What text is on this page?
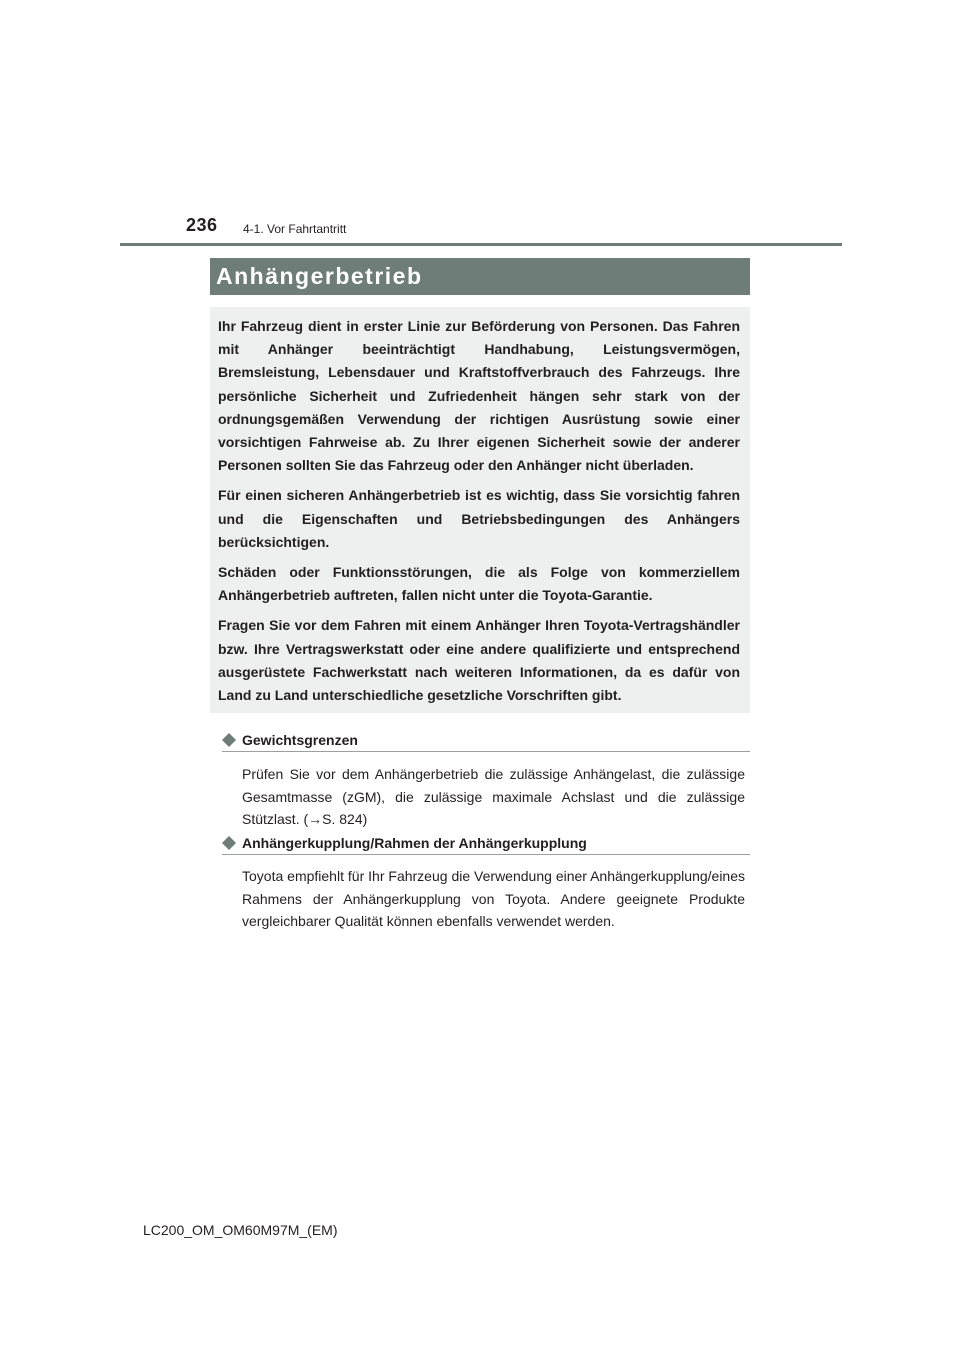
236 4-1. Vor Fahrtantritt
Anhängerbetrieb

Ihr Fahrzeug dient in erster Linie zur Beförderung von Personen. Das Fahren mit Anhänger beeinträchtigt Handhabung, Leistungsvermögen, Bremsleistung, Lebensdauer und Kraftstoffverbrauch des Fahrzeugs. Ihre persönliche Sicherheit und Zufriedenheit hängen sehr stark von der ordnungsgemäßen Verwendung der richtigen Ausrüstung sowie einer vorsichtigen Fahrweise ab. Zu Ihrer eigenen Sicherheit sowie der anderer Personen sollten Sie das Fahrzeug oder den Anhänger nicht überladen.

Für einen sicheren Anhängerbetrieb ist es wichtig, dass Sie vorsichtig fahren und die Eigenschaften und Betriebsbedingungen des Anhängers berücksichtigen.

Schäden oder Funktionsstörungen, die als Folge von kommerziellem Anhängerbetrieb auftreten, fallen nicht unter die Toyota-Garantie.

Fragen Sie vor dem Fahren mit einem Anhänger Ihren Toyota-Vertragshändler bzw. Ihre Vertragswerkstatt oder eine andere qualifizierte und entsprechend ausgerüstete Fachwerkstatt nach weiteren Informationen, da es dafür von Land zu Land unterschiedliche gesetzliche Vorschriften gibt.

Gewichtsgrenzen

Prüfen Sie vor dem Anhängerbetrieb die zulässige Anhängelast, die zulässige Gesamtmasse (zGM), die zulässige maximale Achslast und die zulässige Stützlast. (→S. 824)

Anhängerkupplung/Rahmen der Anhängerkupplung

Toyota empfiehlt für Ihr Fahrzeug die Verwendung einer Anhängerkupplung/eines Rahmens der Anhängerkupplung von Toyota. Andere geeignete Produkte vergleichbarer Qualität können ebenfalls verwendet werden.

LC200_OM_OM60M97M_(EM)
